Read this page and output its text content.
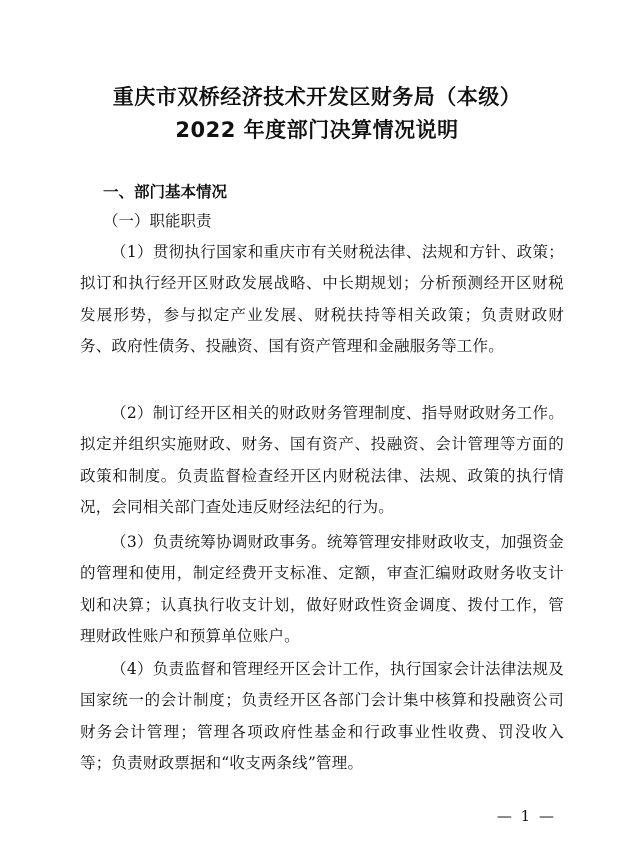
重庆市双桥经济技术开发区财务局（本级）
2022 年度部门决算情况说明
一、部门基本情况
（一）职能职责

（1）贯彻执行国家和重庆市有关财税法律、法规和方针、政策；拟订和执行经开区财政发展战略、中长期规划；分析预测经开区财税发展形势，参与拟定产业发展、财税扶持等相关政策；负责财政财务、政府性债务、投融资、国有资产管理和金融服务等工作。

（2）制订经开区相关的财政财务管理制度、指导财政财务工作。拟定并组织实施财政、财务、国有资产、投融资、会计管理等方面的政策和制度。负责监督检查经开区内财税法律、法规、政策的执行情况，会同相关部门查处违反财经法纪的行为。

（3）负责统筹协调财政事务。统筹管理安排财政收支，加强资金的管理和使用，制定经费开支标准、定额，审查汇编财政财务收支计划和决算；认真执行收支计划，做好财政性资金调度、拨付工作，管理财政性账户和预算单位账户。

（4）负责监督和管理经开区会计工作，执行国家会计法律法规及国家统一的会计制度；负责经开区各部门会计集中核算和投融资公司财务会计管理；管理各项政府性基金和行政事业性收费、罚没收入等；负责财政票据和“收支两条线”管理。

— 1 —
